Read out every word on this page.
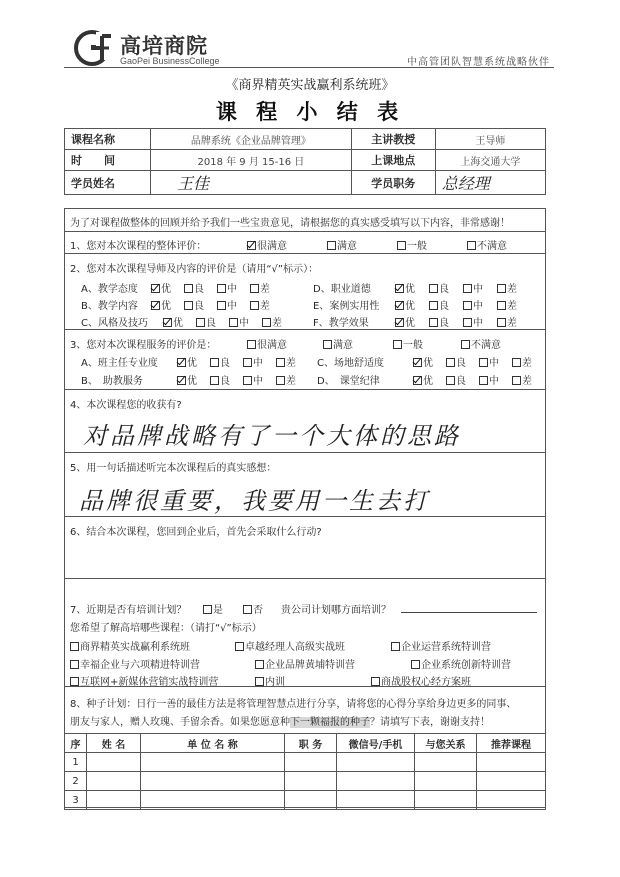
高培商院
GaoPei BusinessCollege	中高管团队智慧系统战略伙伴
《商界精英实战赢利系统班》
课 程 小 结 表
课程名称	品牌系统《企业品牌管理》	主讲教授	王导师
时　　间	2018 年 9 月 15-16 日	上课地点	上海交通大学
学员姓名	王佳	学员职务	总经理
为了对课程做整体的回顾并给予我们一些宝贵意见，请根据您的真实感受填写以下内容，非常感谢！
1、您对本次课程的整体评价：	很满意	满意	一般	不满意
2、您对本次课程导师及内容的评价是（请用“√”标示）：
A、教学态度	优	良	中	差	D、职业道德	优	良	中	差
B、教学内容	优	良	中	差	E、案例实用性	优	良	中	差
C、风格及技巧	优	良	中	差	F、教学效果	优	良	中	差
3、您对本次课程服务的评价是：	很满意	满意	一般	不满意
A、班主任专业度	优	良	中	差 C、场地舒适度	优	良	中	差
B、　助教服务	优	良	中	差 D、　课堂纪律	优	良	中	差
4、本次课程您的收获有?
对品牌战略有了一个大体的思路
5、用一句话描述听完本次课程后的真实感想：
品牌很重要，我要用一生去打
6、结合本次课程，您回到企业后，首先会采取什么行动?
7、近期是否有培训计划？	是	否 贵公司计划哪方面培训？
您希望了解高培哪些课程：（请打“√”标示）
商界精英实战赢利系统班	卓越经理人高级实战班	企业运营系统特训营
幸福企业与六项精进特训营	企业品牌黄埔特训营	企业系统创新特训营
互联网+新媒体营销实战特训营	内训	商战股权心经方案班
8、种子计划：日行一善的最佳方法是将管理智慧点进行分享，请将您的心得分享给身边更多的同事、
朋友与家人，赠人玫瑰、手留余香。如果您愿意种下一颗福报的种子？请填写下表，谢谢支持！
序	姓 名	单 位 名 称	职 务	微信号/手机	与您关系	推荐课程
1						
2						
3						
